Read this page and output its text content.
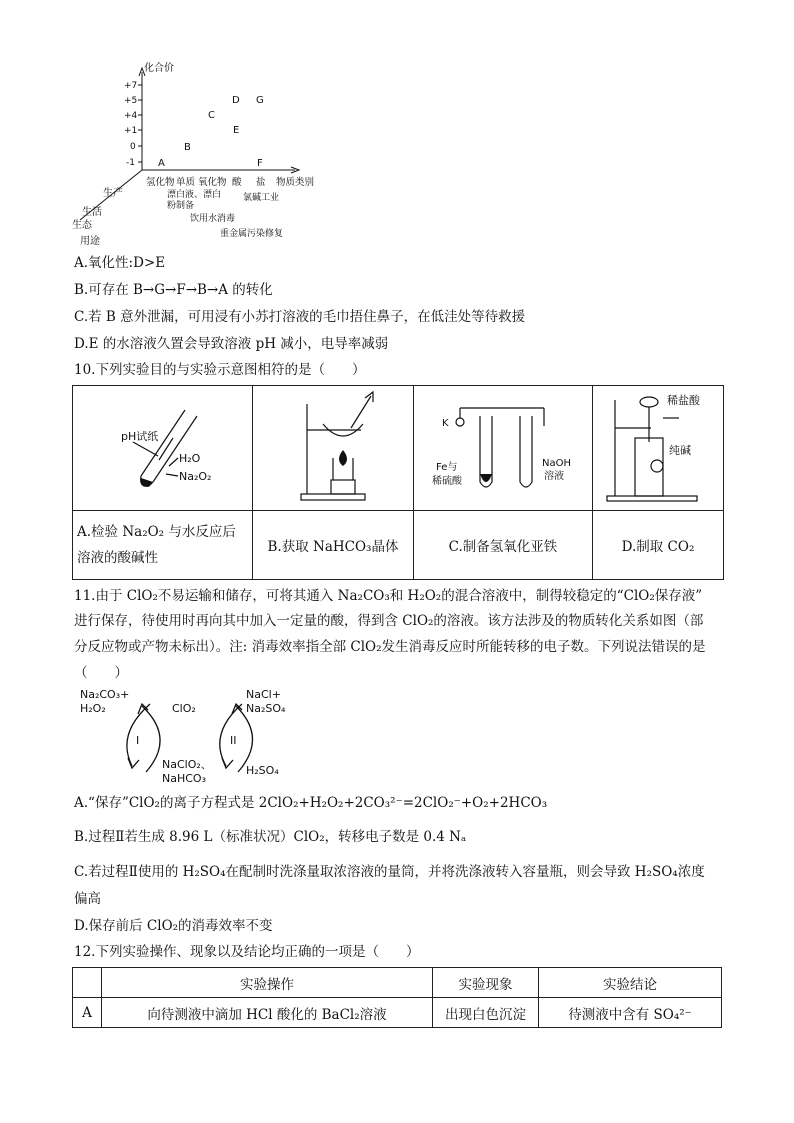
化合价
+7
+5
+4
+1
0
-1 A
B
C
D G
E
F
氢化物 单质 氧化物 酸 盐 物质类别
漂白液、漂白
粉制备
氯碱工业
饮用水消毒
重金属污染修复
生产
生活
生态
用途
A.氧化性:D>E
B.可存在 B→G→F→B→A 的转化
C.若 B 意外泄漏，可用浸有小苏打溶液的毛巾捂住鼻子，在低洼处等待救援
D.E 的水溶液久置会导致溶液 pH 减小，电导率减弱
10.下列实验目的与实验示意图相符的是（　　）
pH试纸
H₂O
Na₂O₂		K
Fe与
稀硫酸
NaOH
溶液	稀盐酸
纯碱

A.检验 Na₂O₂ 与水反应后
溶液的酸碱性	B.获取 NaHCO₃晶体	C.制备氢氧化亚铁	D.制取 CO₂
11.由于 ClO₂不易运输和储存，可将其通入 Na₂CO₃和 H₂O₂的混合溶液中，制得较稳定的“ClO₂保存液”
进行保存，待使用时再向其中加入一定量的酸，得到含 ClO₂的溶液。该方法涉及的物质转化关系如图（部
分反应物或产物未标出）。注: 消毒效率指全部 ClO₂发生消毒反应时所能转移的电子数。下列说法错误的是
（　　）
Na₂CO₃+
H₂O₂	ClO₂
NaCl+
Na₂SO₄
I	II
NaClO₂、
NaHCO₃
H₂SO₄
A.“保存”ClO₂的离子方程式是 2ClO₂+H₂O₂+2CO₃²⁻=2ClO₂⁻+O₂+2HCO₃
B.过程Ⅱ若生成 8.96 L（标准状况）ClO₂，转移电子数是 0.4 Nₐ
C.若过程Ⅱ使用的 H₂SO₄在配制时洗涤量取浓溶液的量筒，并将洗涤液转入容量瓶，则会导致 H₂SO₄浓度
偏高
D.保存前后 ClO₂的消毒效率不变
12.下列实验操作、现象以及结论均正确的一项是（　　）
	实验操作	实验现象	实验结论
A	向待测液中滴加 HCl 酸化的 BaCl₂溶液	出现白色沉淀	待测液中含有 SO₄²⁻
